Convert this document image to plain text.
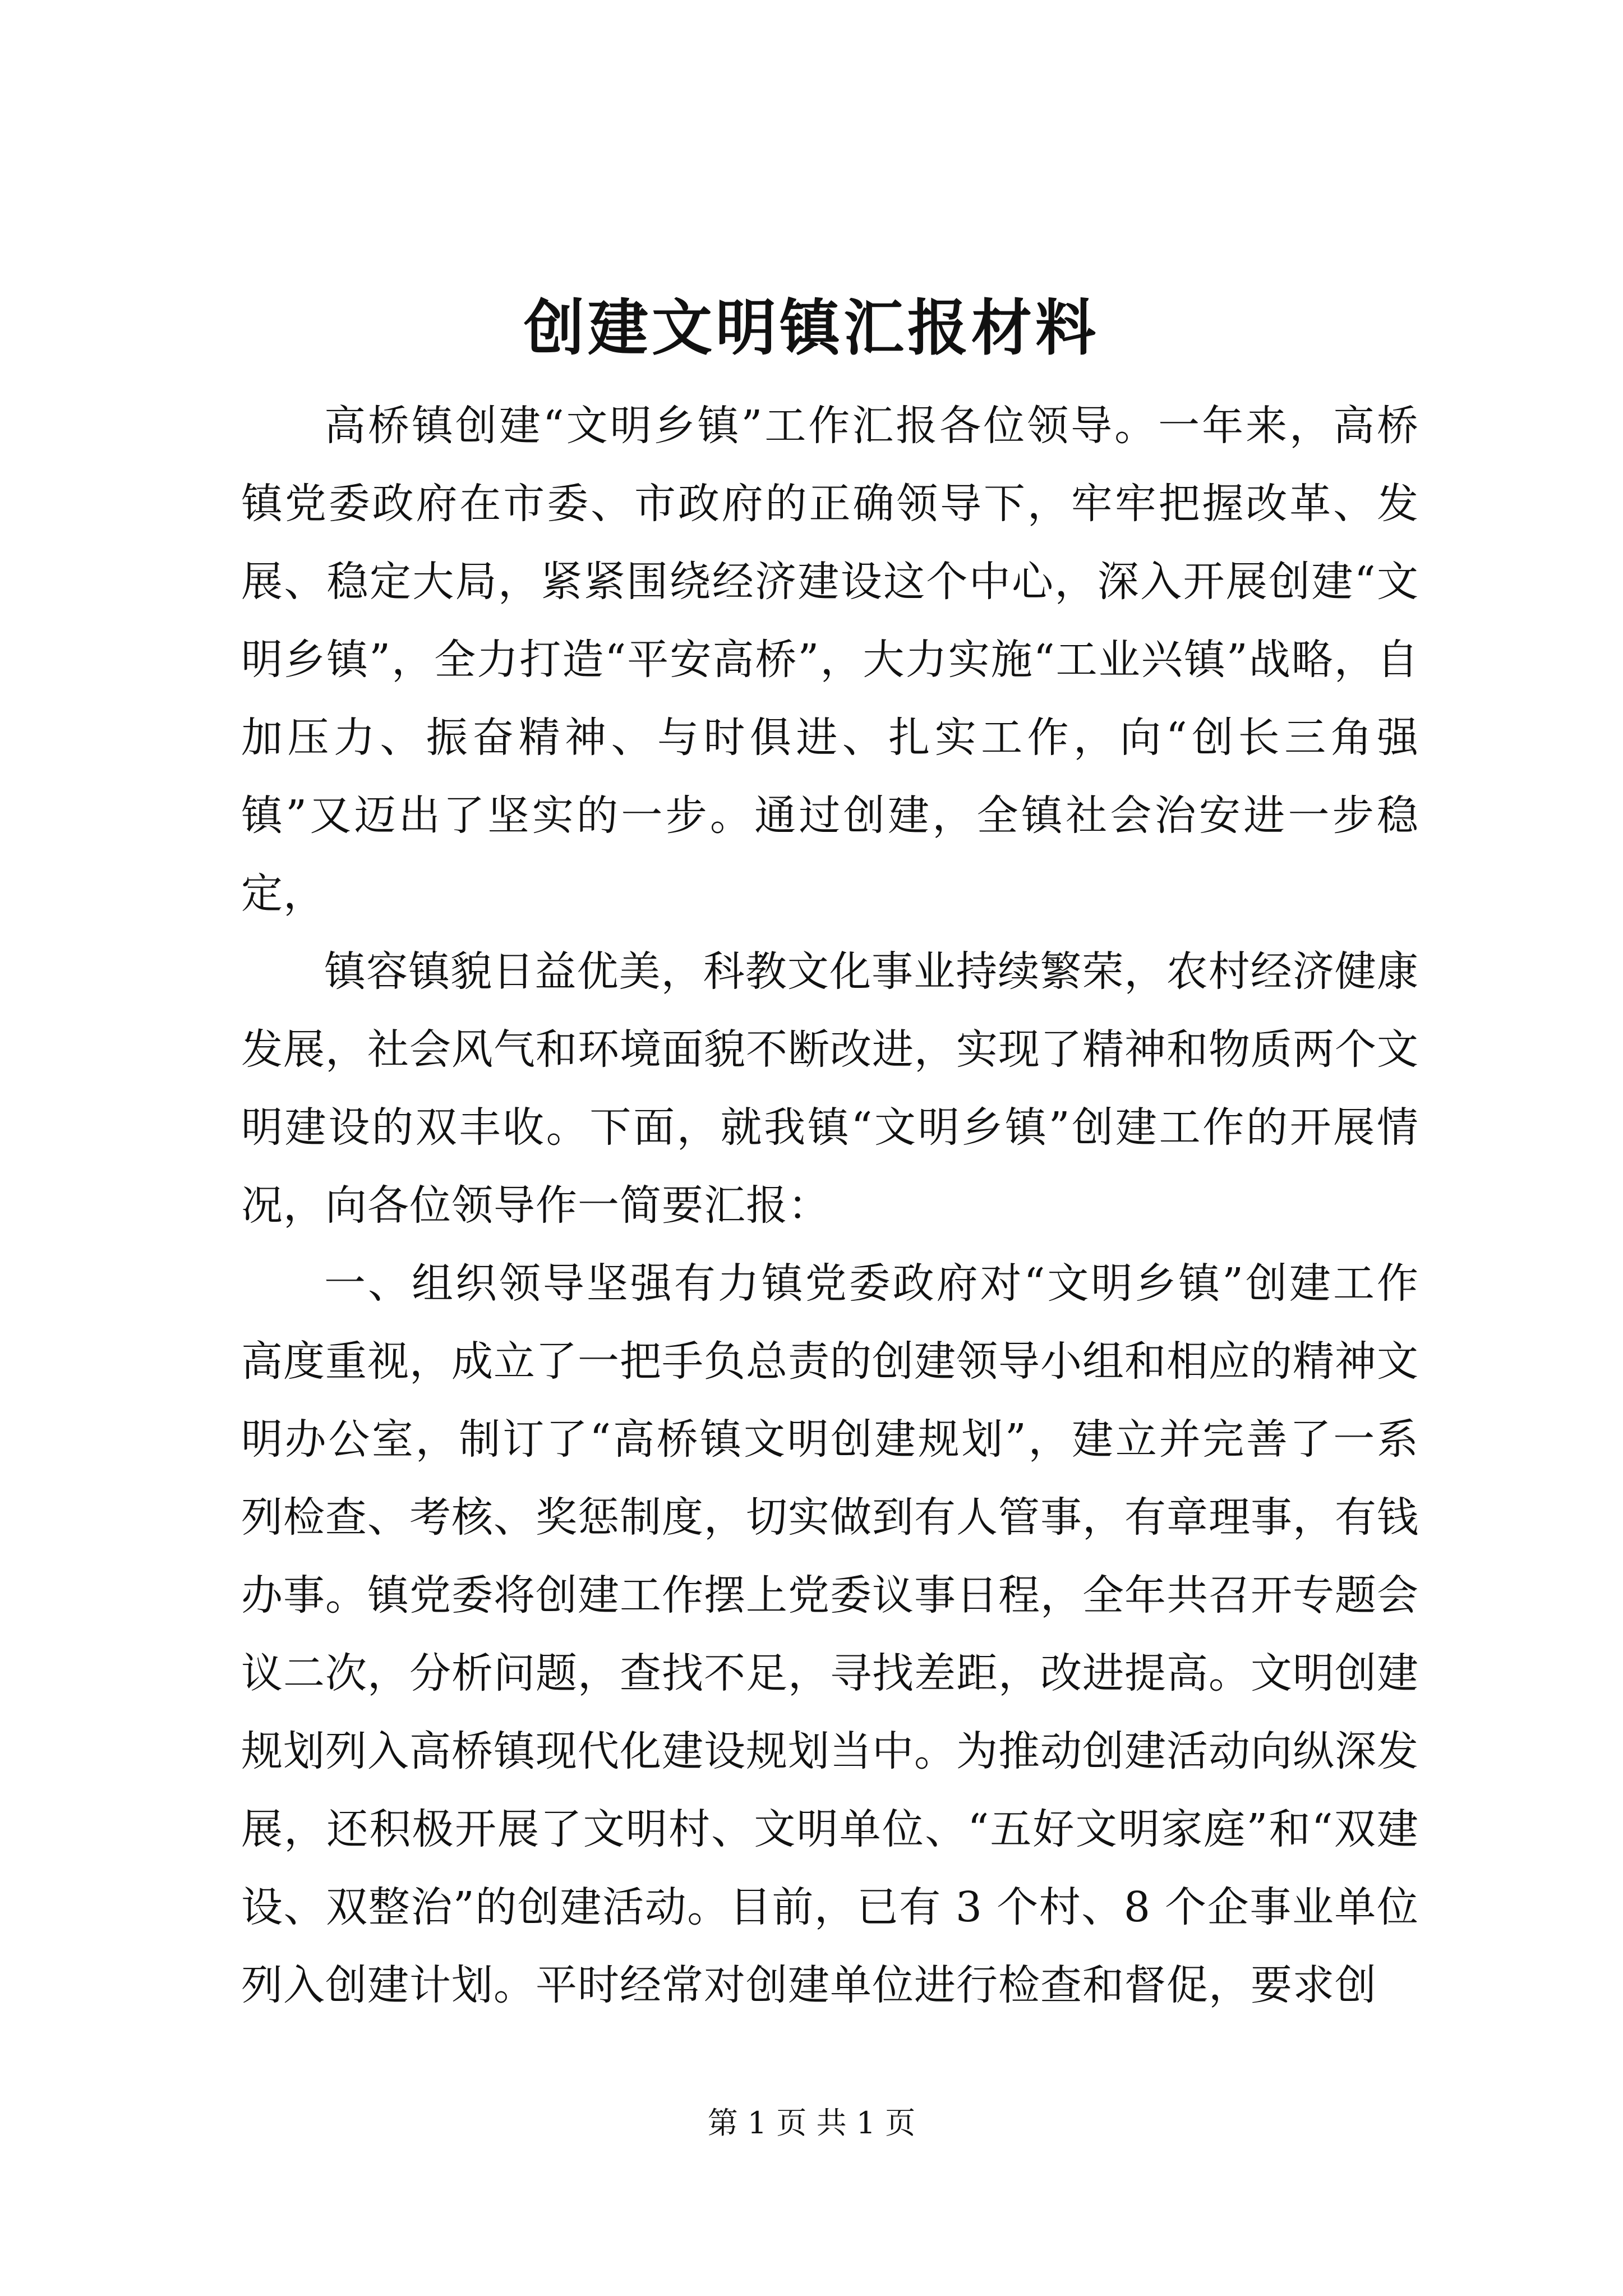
创建文明镇汇报材料

高桥镇创建“文明乡镇”工作汇报各位领导。一年来，高桥镇党委政府在市委、市政府的正确领导下，牢牢把握改革、发展、稳定大局，紧紧围绕经济建设这个中心，深入开展创建“文明乡镇”，全力打造“平安高桥”，大力实施“工业兴镇”战略，自加压力、振奋精神、与时俱进、扎实工作，向“创长三角强镇”又迈出了坚实的一步。通过创建，全镇社会治安进一步稳定，

镇容镇貌日益优美，科教文化事业持续繁荣，农村经济健康发展，社会风气和环境面貌不断改进，实现了精神和物质两个文明建设的双丰收。下面，就我镇“文明乡镇”创建工作的开展情况，向各位领导作一简要汇报：

一、组织领导坚强有力镇党委政府对“文明乡镇”创建工作高度重视，成立了一把手负总责的创建领导小组和相应的精神文明办公室，制订了“高桥镇文明创建规划”，建立并完善了一系列检查、考核、奖惩制度，切实做到有人管事，有章理事，有钱办事。镇党委将创建工作摆上党委议事日程，全年共召开专题会议二次，分析问题，查找不足，寻找差距，改进提高。文明创建规划列入高桥镇现代化建设规划当中。为推动创建活动向纵深发展，还积极开展了文明村、文明单位、“五好文明家庭”和“双建设、双整治”的创建活动。目前，已有 3 个村、8 个企事业单位列入创建计划。平时经常对创建单位进行检查和督促，要求创

第 1 页 共 1 页
